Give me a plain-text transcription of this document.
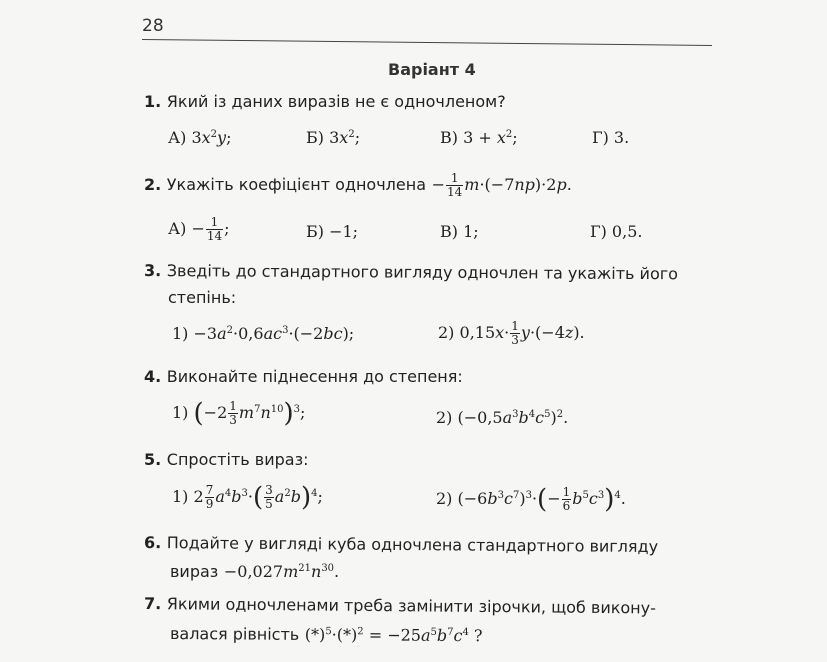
28
Варіант 4
1. Який із даних виразів не є одночленом?
А) $3x^2y$;	Б) $3x^2$;	В) $3 + x^2$;	Г) 3.
2. Укажіть коефіцієнт одночлена − $\frac{1}{14} m\cdot(-7np)\cdot 2p$.
$А) - \frac{1}{14}$ ;	Б) −1;	В) 1;	Г) 0,5.
3. Зведіть до стандартного вигляду одночлен та укажіть його
степінь:
$1) -3a^2\cdot 0,6ac^3\cdot(-2bc)$;	2) $0,15x\cdot \frac{1}{3} y\cdot(-4z)$.
4. Виконайте піднесення до степеня:
1) $(-2 \frac{1}{3} m^7n^{10})^3$;	2) $(-0,5a^3b^4c^5)^2$.
5. Спростіть вираз:
1) $2 \frac{7}{9} a^4b^3\cdot( \frac{3}{5} a^2b)^4$;	2) $(-6b^3c^7)^3\cdot(- \frac{1}{6} b^5c^3)^4$.
6. Подайте у вигляді куба одночлена стандартного вигляду
вираз $-0,027m^{21}n^{30}$.
7. Якими одночленами треба замінити зірочки, щоб викону-
валася рівність $(*)^5\cdot(*)^2 = -25a^5b^7c^4$ ?
